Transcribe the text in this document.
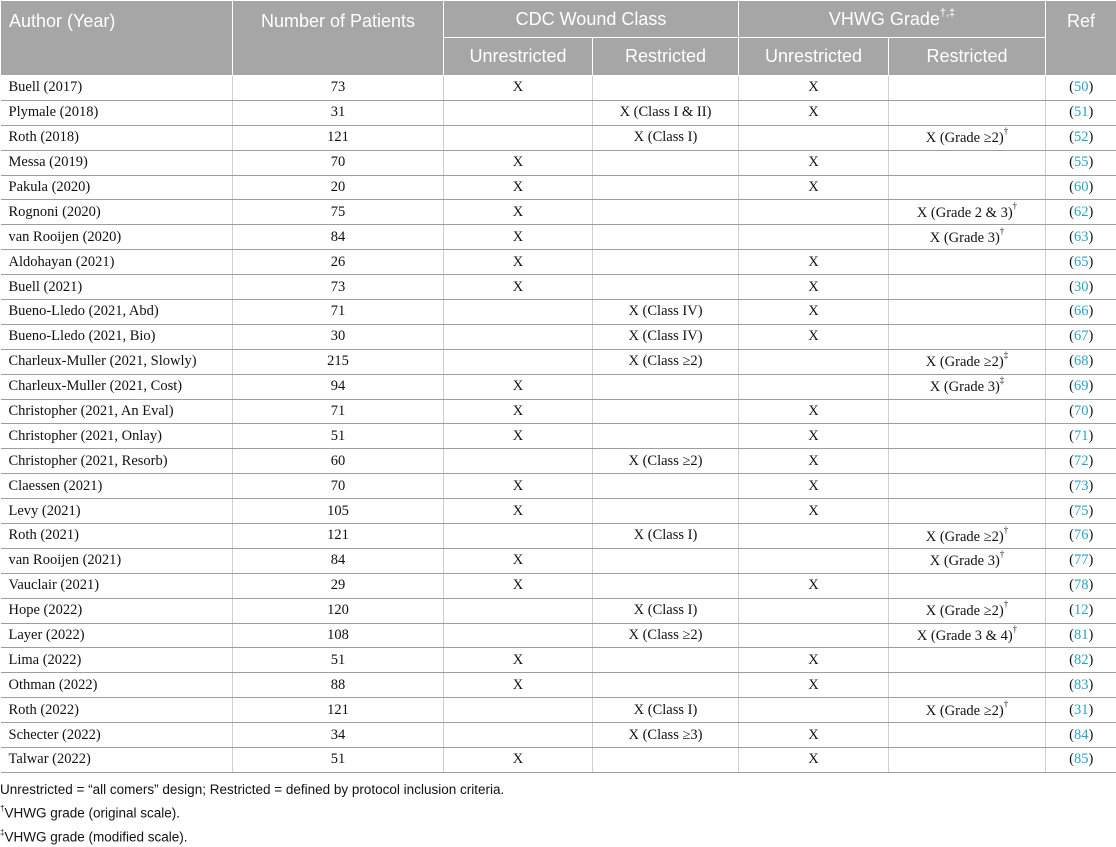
Author (Year)	Number of Patients	CDC Wound Class		VHWG Grade†,‡		Ref
		Unrestricted	Restricted	Unrestricted	Restricted	
Buell (2017)	73	X		X		(50)
Plymale (2018)	31		X (Class I & II)	X		(51)
Roth (2018)	121		X (Class I)		X (Grade ≥2)†	(52)
Messa (2019)	70	X		X		(55)
Pakula (2020)	20	X		X		(60)
Rognoni (2020)	75	X			X (Grade 2 & 3)†	(62)
van Rooijen (2020)	84	X			X (Grade 3)†	(63)
Aldohayan (2021)	26	X		X		(65)
Buell (2021)	73	X		X		(30)
Bueno-Lledo (2021, Abd)	71		X (Class IV)	X		(66)
Bueno-Lledo (2021, Bio)	30		X (Class IV)	X		(67)
Charleux-Muller (2021, Slowly)	215		X (Class ≥2)		X (Grade ≥2)‡	(68)
Charleux-Muller (2021, Cost)	94	X			X (Grade 3)‡	(69)
Christopher (2021, An Eval)	71	X		X		(70)
Christopher (2021, Onlay)	51	X		X		(71)
Christopher (2021, Resorb)	60		X (Class ≥2)	X		(72)
Claessen (2021)	70	X		X		(73)
Levy (2021)	105	X		X		(75)
Roth (2021)	121		X (Class I)		X (Grade ≥2)†	(76)
van Rooijen (2021)	84	X			X (Grade 3)†	(77)
Vauclair (2021)	29	X		X		(78)
Hope (2022)	120		X (Class I)		X (Grade ≥2)†	(12)
Layer (2022)	108		X (Class ≥2)		X (Grade 3 & 4)†	(81)
Lima (2022)	51	X		X		(82)
Othman (2022)	88	X		X		(83)
Roth (2022)	121		X (Class I)		X (Grade ≥2)†	(31)
Schecter (2022)	34		X (Class ≥3)	X		(84)
Talwar (2022)	51	X		X		(85)
Unrestricted = “all comers” design; Restricted = defined by protocol inclusion criteria.
†VHWG grade (original scale).
‡VHWG grade (modified scale).
